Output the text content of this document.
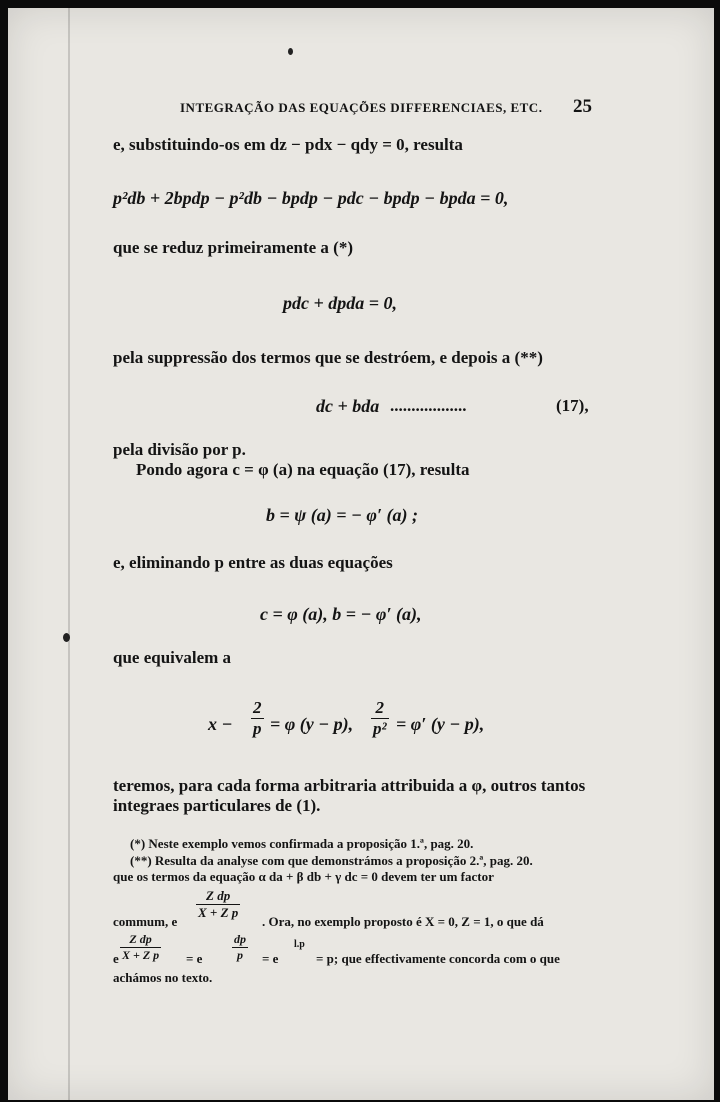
INTEGRAÇÃO DAS EQUAÇÕES DIFFERENCIAES, ETC. 25
e, substituindo-os em dz − pdx − qdy = 0, resulta
p²db + 2bpdp − p²db − bpdp − pdc − bpdp − bpda = 0,
que se reduz primeiramente a (*)
pdc + dpda = 0,
pela suppressão dos termos que se destróem, e depois a (**)
dc + bda ..................	(17),
pela divisão por p.
Pondo agora c = φ (a) na equação (17), resulta
b = ψ (a) = − φ′ (a) ;
e, eliminando p entre as duas equações
c = φ (a), b = − φ′ (a),
que equivalem a
$x - \frac{2}{p} = \varphi$ (y − p), $\frac{2}{\text{p²}} = \varphi'$ (y − p),
teremos, para cada forma arbitraria attribuida a φ, outros tantos
integraes particulares de (1).
(*) Neste exemplo vemos confirmada a proposição 1.ª, pag. 20.
(**) Resulta da analyse com que demonstrámos a proposição 2.ª, pag. 20.
que os termos da equação α da + β db + γ dc = 0 devem ter um factor
$\frac{\text{Z dp}}{\text{X + Z p}}$
commum, e	. Ora, no exemplo proposto é X = 0, Z = 1, o que dá
e $\frac{\text{Z dp}}{\text{X + Z p}} = e \frac{dp}{p} = e$
l.p
= p; que effectivamente concorda com o que
achámos no texto.
